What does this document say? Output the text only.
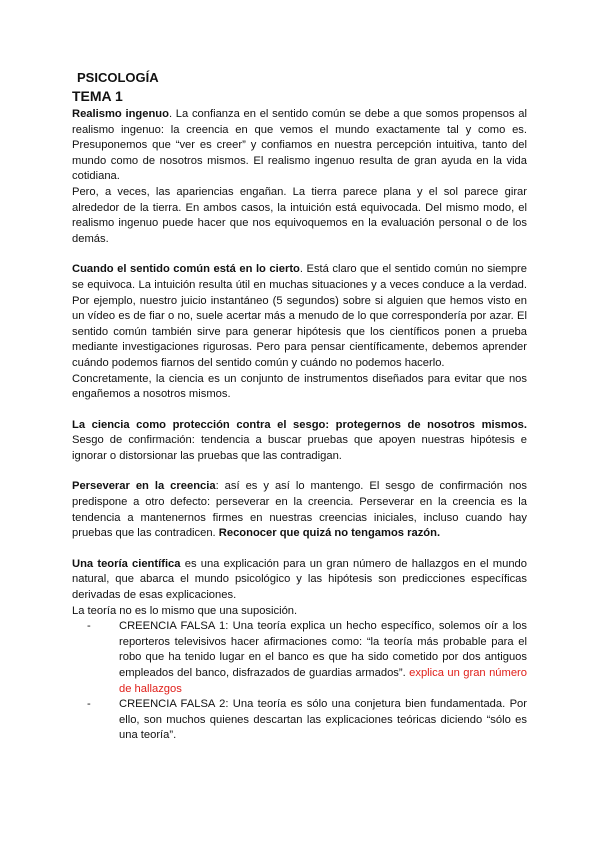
PSICOLOGÍA
TEMA 1

Realismo ingenuo. La confianza en el sentido común se debe a que somos propensos al realismo ingenuo: la creencia en que vemos el mundo exactamente tal y como es. Presuponemos que “ver es creer” y confiamos en nuestra percepción intuitiva, tanto del mundo como de nosotros mismos. El realismo ingenuo resulta de gran ayuda en la vida cotidiana.

Pero, a veces, las apariencias engañan. La tierra parece plana y el sol parece girar alrededor de la tierra. En ambos casos, la intuición está equivocada. Del mismo modo, el realismo ingenuo puede hacer que nos equivoquemos en la evaluación personal o de los demás.

Cuando el sentido común está en lo cierto. Está claro que el sentido común no siempre se equivoca. La intuición resulta útil en muchas situaciones y a veces conduce a la verdad. Por ejemplo, nuestro juicio instantáneo (5 segundos) sobre si alguien que hemos visto en un vídeo es de fiar o no, suele acertar más a menudo de lo que correspondería por azar. El sentido común también sirve para generar hipótesis que los científicos ponen a prueba mediante investigaciones rigurosas. Pero para pensar científicamente, debemos aprender cuándo podemos fiarnos del sentido común y cuándo no podemos hacerlo.

Concretamente, la ciencia es un conjunto de instrumentos diseñados para evitar que nos engañemos a nosotros mismos.

La ciencia como protección contra el sesgo: protegernos de nosotros mismos. Sesgo de confirmación: tendencia a buscar pruebas que apoyen nuestras hipótesis e ignorar o distorsionar las pruebas que las contradigan.

Perseverar en la creencia: así es y así lo mantengo. El sesgo de confirmación nos predispone a otro defecto: perseverar en la creencia. Perseverar en la creencia es la tendencia a mantenernos firmes en nuestras creencias iniciales, incluso cuando hay pruebas que las contradicen. Reconocer que quizá no tengamos razón.

Una teoría científica es una explicación para un gran número de hallazgos en el mundo natural, que abarca el mundo psicológico y las hipótesis son predicciones específicas derivadas de esas explicaciones.

La teoría no es lo mismo que una suposición.

-	CREENCIA FALSA 1: Una teoría explica un hecho específico, solemos oír a los reporteros televisivos hacer afirmaciones como: “la teoría más probable para el robo que ha tenido lugar en el banco es que ha sido cometido por dos antiguos empleados del banco, disfrazados de guardias armados”. explica un gran número de hallazgos
-	CREENCIA FALSA 2: Una teoría es sólo una conjetura bien fundamentada. Por ello, son muchos quienes descartan las explicaciones teóricas diciendo “sólo es una teoría”.
